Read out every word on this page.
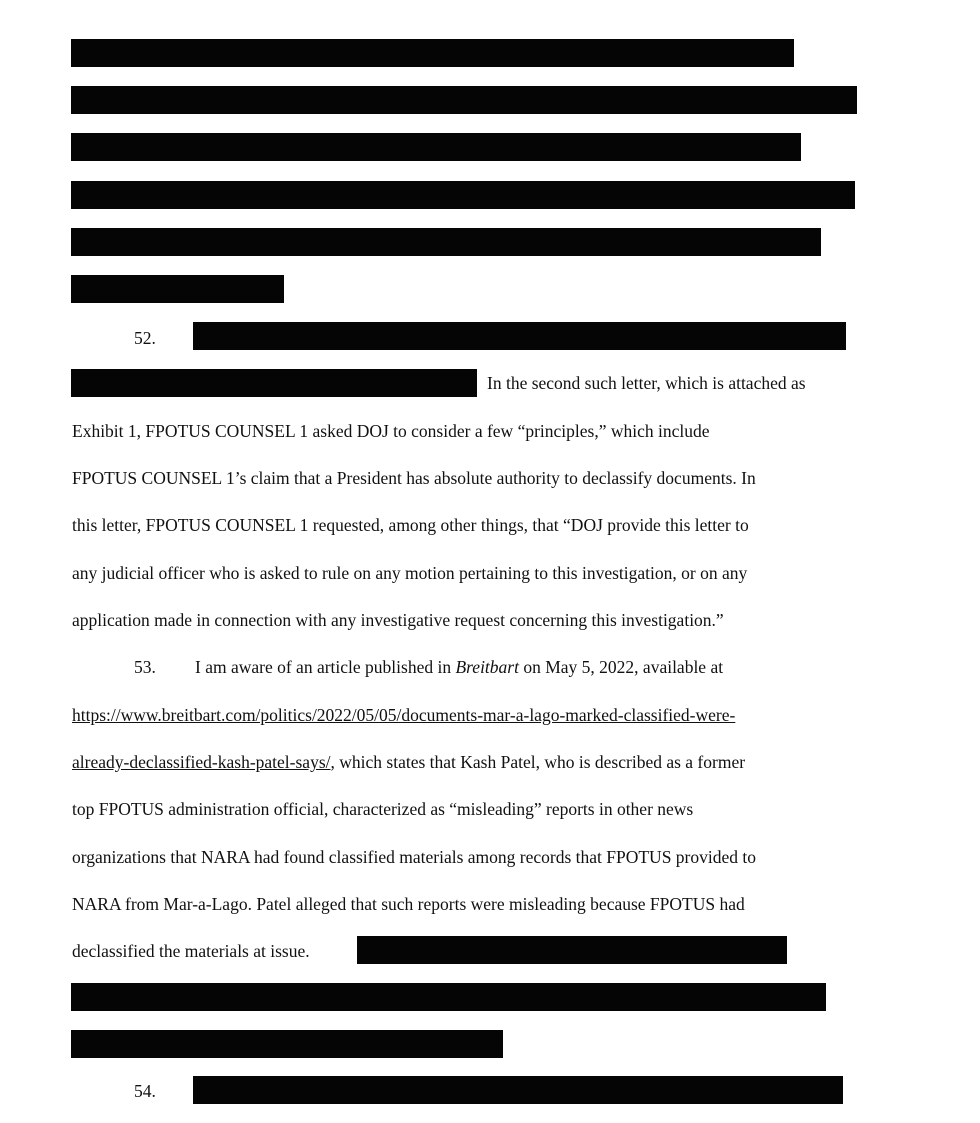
52.
In the second such letter, which is attached as
Exhibit 1, FPOTUS COUNSEL 1 asked DOJ to consider a few “principles,” which include
FPOTUS COUNSEL 1’s claim that a President has absolute authority to declassify documents. In
this letter, FPOTUS COUNSEL 1 requested, among other things, that “DOJ provide this letter to
any judicial officer who is asked to rule on any motion pertaining to this investigation, or on any
application made in connection with any investigative request concerning this investigation.”
53. I am aware of an article published in Breitbart on May 5, 2022, available at
https://www.breitbart.com/politics/2022/05/05/documents-mar-a-lago-marked-classified-were-
already-declassified-kash-patel-says/, which states that Kash Patel, who is described as a former
top FPOTUS administration official, characterized as “misleading” reports in other news
organizations that NARA had found classified materials among records that FPOTUS provided to
NARA from Mar-a-Lago. Patel alleged that such reports were misleading because FPOTUS had
declassified the materials at issue.
54.
